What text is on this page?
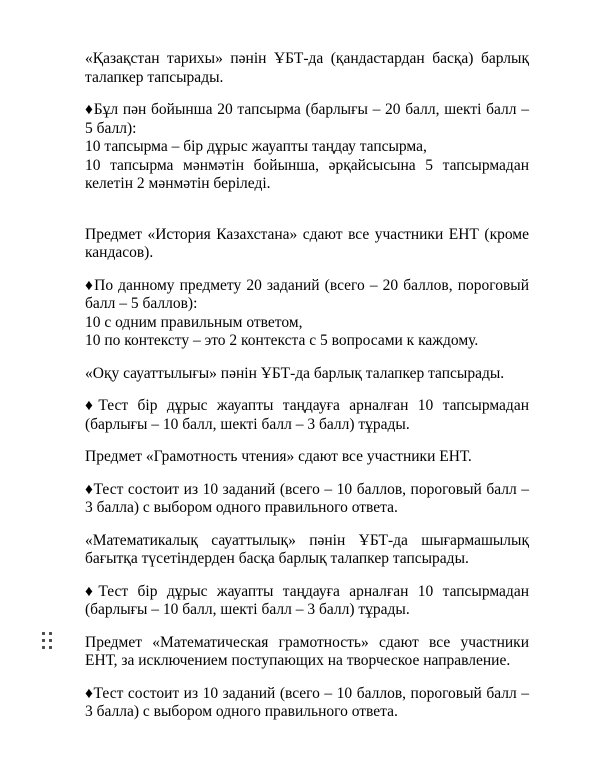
«Қазақстан тарихы» пәнін ҰБТ-да (қандастардан басқа) барлық талапкер тапсырады.

♦Бұл пән бойынша 20 тапсырма (барлығы – 20 балл, шекті балл – 5 балл):

10 тапсырма – бір дұрыс жауапты таңдау тапсырма,

10 тапсырма мәнмәтін бойынша, әрқайсысына 5 тапсырмадан келетін 2 мәнмәтін беріледі.

Предмет «История Казахстана» сдают все участники ЕНТ (кроме кандасов).

♦По данному предмету 20 заданий (всего – 20 баллов, пороговый балл – 5 баллов):

10 с одним правильным ответом,

10 по контексту – это 2 контекста с 5 вопросами к каждому.

«Оқу сауаттылығы» пәнін ҰБТ-да барлық талапкер тапсырады.

♦Тест бір дұрыс жауапты таңдауға арналған 10 тапсырмадан (барлығы – 10 балл, шекті балл – 3 балл) тұрады.

Предмет «Грамотность чтения» сдают все участники ЕНТ.

♦Тест состоит из 10 заданий (всего – 10 баллов, пороговый балл – 3 балла) с выбором одного правильного ответа.

«Математикалық сауаттылық» пәнін ҰБТ-да шығармашылық бағытқа түсетіндерден басқа барлық талапкер тапсырады.

♦Тест бір дұрыс жауапты таңдауға арналған 10 тапсырмадан (барлығы – 10 балл, шекті балл – 3 балл) тұрады.

Предмет «Математическая грамотность» сдают все участники ЕНТ, за исключением поступающих на творческое направление.

♦Тест состоит из 10 заданий (всего – 10 баллов, пороговый балл – 3 балла) с выбором одного правильного ответа.
